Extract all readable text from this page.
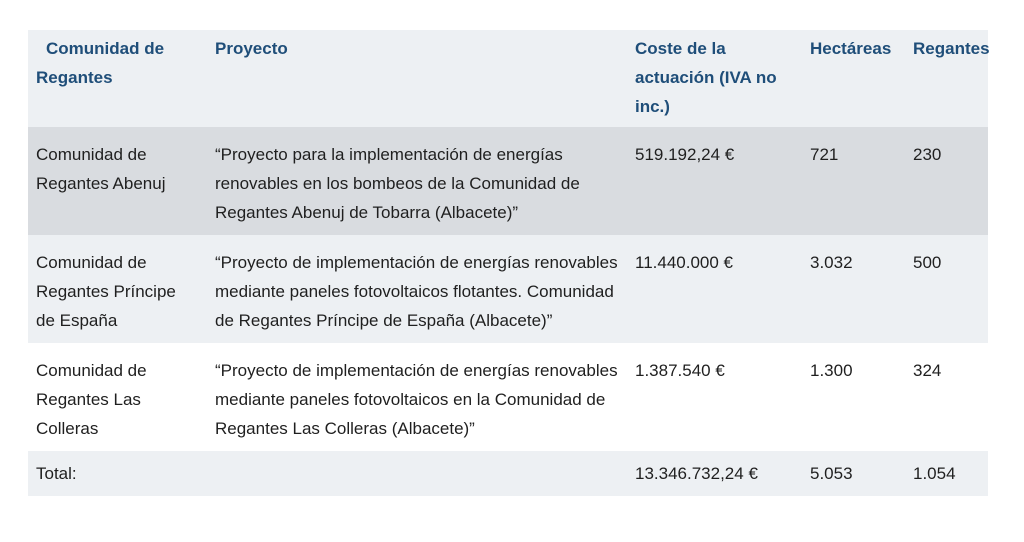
Comunidad de Regantes	Proyecto	Coste de la actuación (IVA no inc.)	Hectáreas	Regantes
Comunidad de Regantes Abenuj	“Proyecto para la implementación de energías renovables en los bombeos de la Comunidad de Regantes Abenuj de Tobarra (Albacete)”	519.192,24 €	721	230
Comunidad de Regantes Príncipe de España	“Proyecto de implementación de energías renovables mediante paneles fotovoltaicos flotantes. Comunidad de Regantes Príncipe de España (Albacete)”	11.440.000 €	3.032	500
Comunidad de Regantes Las Colleras	“Proyecto de implementación de energías renovables mediante paneles fotovoltaicos en la Comunidad de Regantes Las Colleras (Albacete)”	1.387.540 €	1.300	324
Total:		13.346.732,24 €	5.053	1.054
